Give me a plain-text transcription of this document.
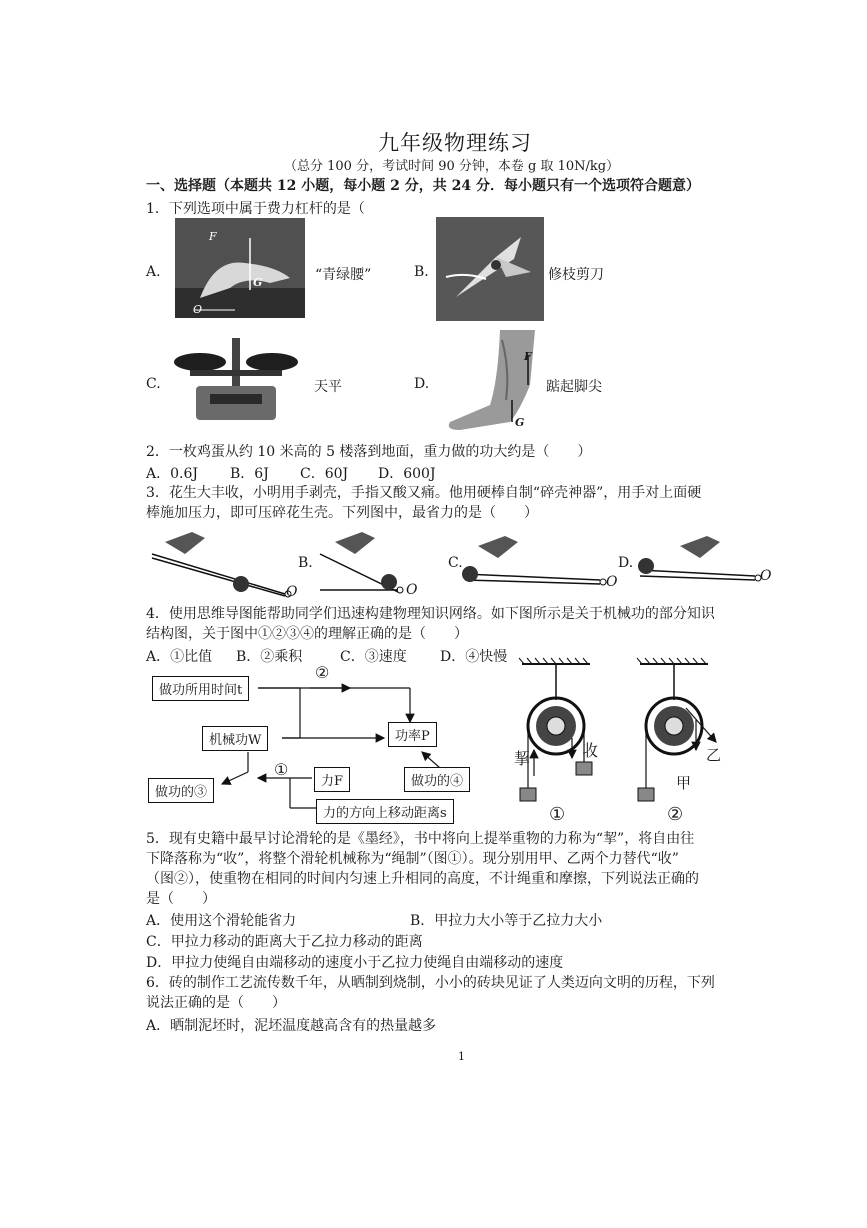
九年级物理练习
（总分 100 分，考试时间 90 分钟，本卷 g 取 10N/kg）
一、选择题（本题共 12 小题，每小题 2 分，共 24 分．每小题只有一个选项符合题意）
1．下列选项中属于费力杠杆的是（
A.
F
G
O
“青绿腰”	B.	修枝剪刀
C.	天平	D.
F
G
踮起脚尖
2．一枚鸡蛋从约 10 米高的 5 楼落到地面，重力做的功大约是（　　）
A．0.6J B．6J C．60J D．600J
3．花生大丰收，小明用手剥壳，手指又酸又痛。他用硬棒自制“碎壳神器”，用手对上面硬
棒施加压力，即可压碎花生壳。下列图中，最省力的是（　　）
B.	C.	D.
O	O	O	O
4．使用思维导图能帮助同学们迅速构建物理知识网络。如下图所示是关于机械功的部分知识
结构图，关于图中①②③④的理解正确的是（　　）
A．①比值 B．②乘积	C．③速度 D．④快慢
做功所用时间t
机械功W	功率P
力F	做功的④
做功的③
力的方向上移动距离s
②
①
挈	收
甲
乙
①	②
5．现有史籍中最早讨论滑轮的是《墨经》，书中将向上提举重物的力称为“挈”，将自由往
下降落称为“收”，将整个滑轮机械称为“绳制”（图①）。现分别用甲、乙两个力替代“收”
（图②），使重物在相同的时间内匀速上升相同的高度，不计绳重和摩擦，下列说法正确的
是（　　）
A．使用这个滑轮能省力	B．甲拉力大小等于乙拉力大小
C．甲拉力移动的距离大于乙拉力移动的距离
D．甲拉力使绳自由端移动的速度小于乙拉力使绳自由端移动的速度
6．砖的制作工艺流传数千年，从晒制到烧制，小小的砖块见证了人类迈向文明的历程，下列
说法正确的是（　　）
A．晒制泥坯时，泥坯温度越高含有的热量越多
1
